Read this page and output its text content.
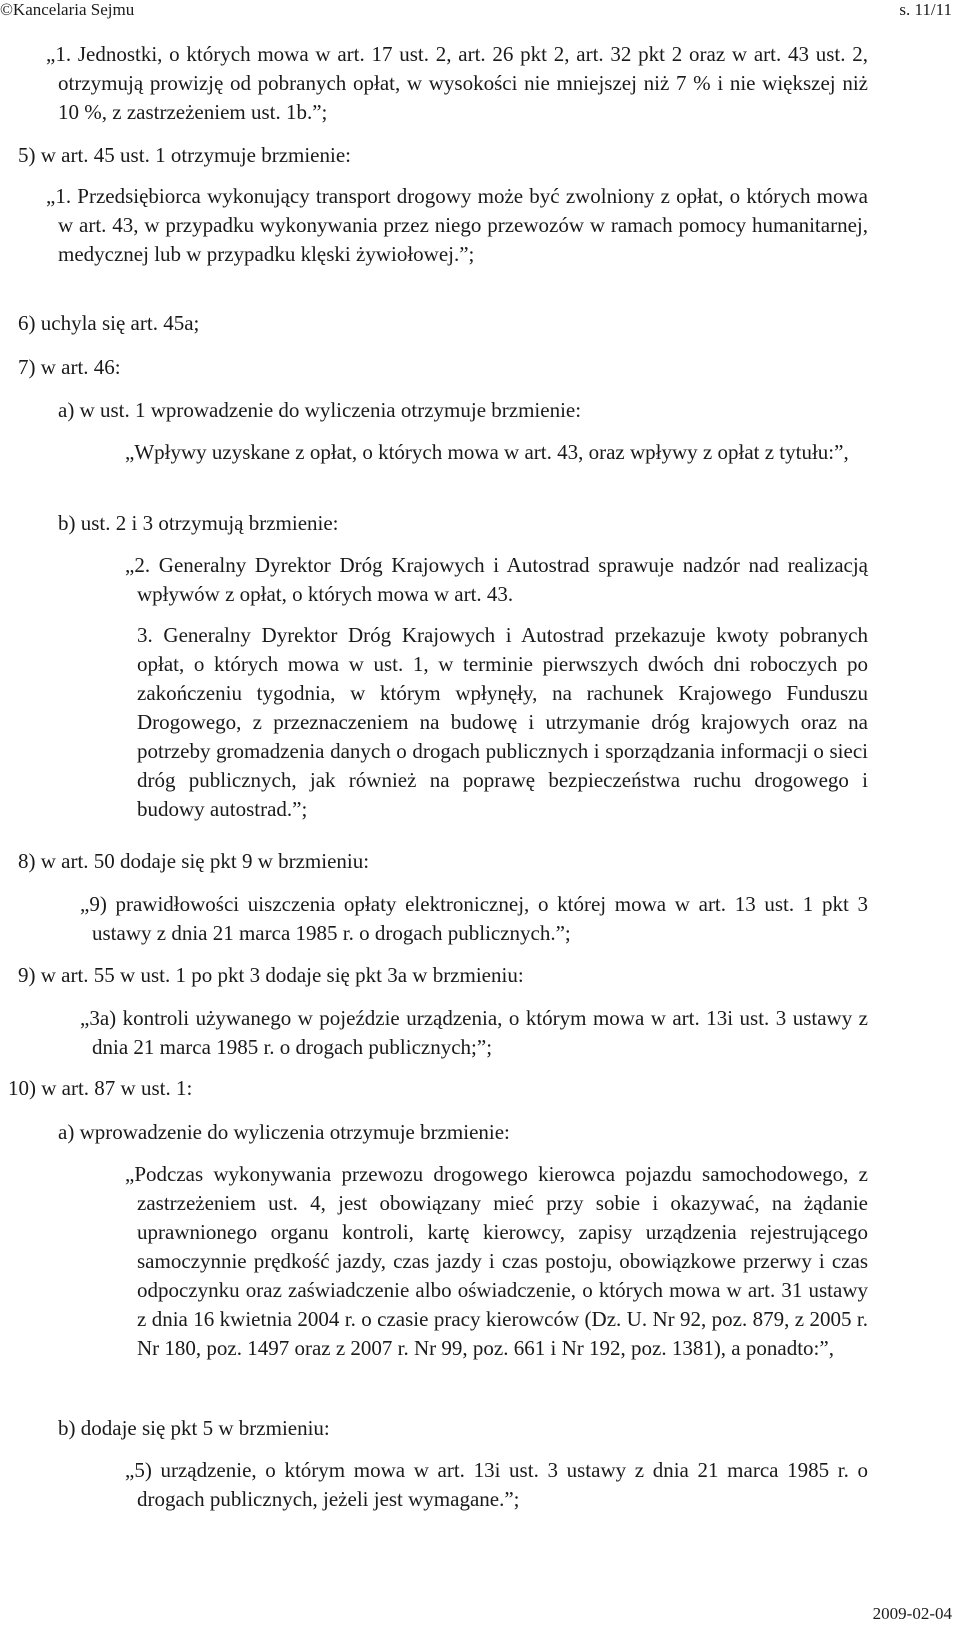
©Kancelaria Sejmu	s. 11/11

„1. Jednostki, o których mowa w art. 17 ust. 2, art. 26 pkt 2, art. 32 pkt 2 oraz w art. 43 ust. 2, otrzymują prowizję od pobranych opłat, w wysokości nie mniejszej niż 7 % i nie większej niż 10 %, z zastrzeżeniem ust. 1b.”;

5) w art. 45 ust. 1 otrzymuje brzmienie:

„1. Przedsiębiorca wykonujący transport drogowy może być zwolniony z opłat, o których mowa w art. 43, w przypadku wykonywania przez niego przewozów w ramach pomocy humanitarnej, medycznej lub w przypadku klęski żywiołowej.”;

6) uchyla się art. 45a;

7) w art. 46:

a) w ust. 1 wprowadzenie do wyliczenia otrzymuje brzmienie:

„Wpływy uzyskane z opłat, o których mowa w art. 43, oraz wpływy z opłat z tytułu:”,

b) ust. 2 i 3 otrzymują brzmienie:

„2. Generalny Dyrektor Dróg Krajowych i Autostrad sprawuje nadzór nad realizacją wpływów z opłat, o których mowa w art. 43.

3. Generalny Dyrektor Dróg Krajowych i Autostrad przekazuje kwoty pobranych opłat, o których mowa w ust. 1, w terminie pierwszych dwóch dni roboczych po zakończeniu tygodnia, w którym wpłynęły, na rachunek Krajowego Funduszu Drogowego, z przeznaczeniem na budowę i utrzymanie dróg krajowych oraz na potrzeby gromadzenia danych o drogach publicznych i sporządzania informacji o sieci dróg publicznych, jak również na poprawę bezpieczeństwa ruchu drogowego i budowy autostrad.”;

8) w art. 50 dodaje się pkt 9 w brzmieniu:

„9) prawidłowości uiszczenia opłaty elektronicznej, o której mowa w art. 13 ust. 1 pkt 3 ustawy z dnia 21 marca 1985 r. o drogach publicznych.”;

9) w art. 55 w ust. 1 po pkt 3 dodaje się pkt 3a w brzmieniu:

„3a) kontroli używanego w pojeździe urządzenia, o którym mowa w art. 13i ust. 3 ustawy z dnia 21 marca 1985 r. o drogach publicznych;”;

10) w art. 87 w ust. 1:

a) wprowadzenie do wyliczenia otrzymuje brzmienie:

„Podczas wykonywania przewozu drogowego kierowca pojazdu samochodowego, z zastrzeżeniem ust. 4, jest obowiązany mieć przy sobie i okazywać, na żądanie uprawnionego organu kontroli, kartę kierowcy, zapisy urządzenia rejestrującego samoczynnie prędkość jazdy, czas jazdy i czas postoju, obowiązkowe przerwy i czas odpoczynku oraz zaświadczenie albo oświadczenie, o których mowa w art. 31 ustawy z dnia 16 kwietnia 2004 r. o czasie pracy kierowców (Dz. U. Nr 92, poz. 879, z 2005 r. Nr 180, poz. 1497 oraz z 2007 r. Nr 99, poz. 661 i Nr 192, poz. 1381), a ponadto:”,

b) dodaje się pkt 5 w brzmieniu:

„5) urządzenie, o którym mowa w art. 13i ust. 3 ustawy z dnia 21 marca 1985 r. o drogach publicznych, jeżeli jest wymagane.”;

2009-02-04
